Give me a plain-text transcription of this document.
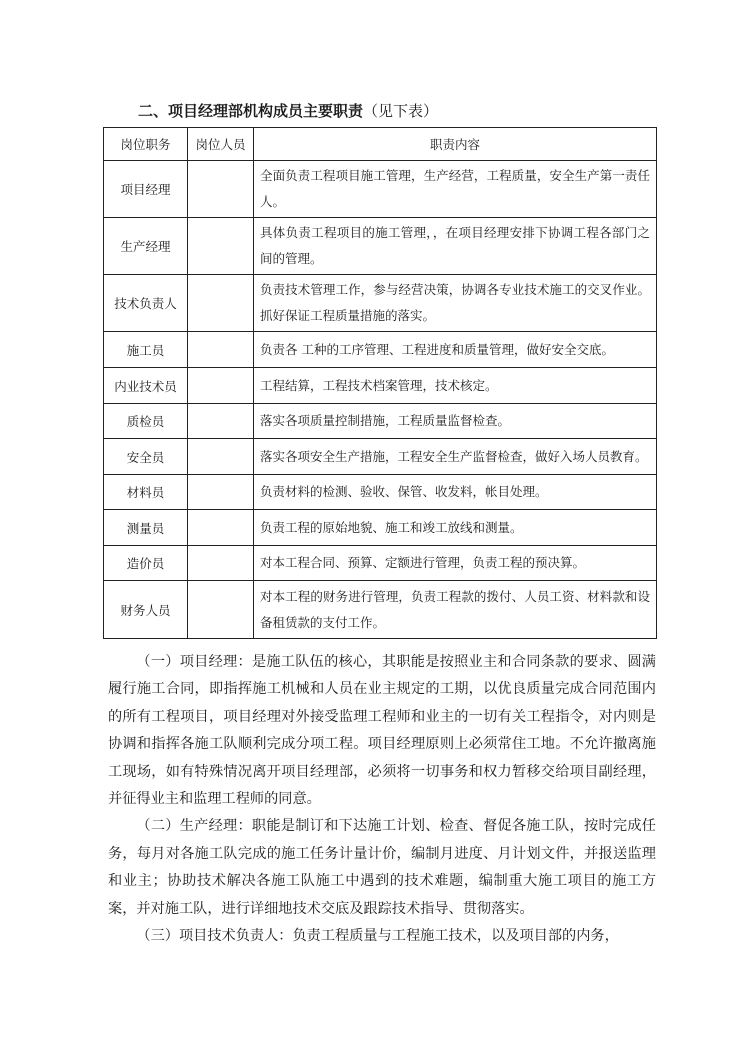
二、项目经理部机构成员主要职责（见下表）
岗位职务	岗位人员	职责内容
项目经理		全面负责工程项目施工管理，生产经营，工程质量，安全生产第一责任人。
生产经理		具体负责工程项目的施工管理，，在项目经理安排下协调工程各部门之间的管理。
技术负责人		负责技术管理工作，参与经营决策，协调各专业技术施工的交叉作业。抓好保证工程质量措施的落实。
施工员		负责各 工种的工序管理、工程进度和质量管理，做好安全交底。
内业技术员		工程结算，工程技术档案管理，技术核定。
质检员		落实各项质量控制措施，工程质量监督检查。
安全员		落实各项安全生产措施，工程安全生产监督检查，做好入场人员教育。
材料员		负责材料的检测、验收、保管、收发料，帐目处理。
测量员		负责工程的原始地貌、施工和竣工放线和测量。
造价员		对本工程合同、预算、定额进行管理，负责工程的预决算。
财务人员		对本工程的财务进行管理，负责工程款的拨付、人员工资、材料款和设备租赁款的支付工作。

（一）项目经理：是施工队伍的核心，其职能是按照业主和合同条款的要求、圆满履行施工合同，即指挥施工机械和人员在业主规定的工期，以优良质量完成合同范围内的所有工程项目，项目经理对外接受监理工程师和业主的一切有关工程指令，对内则是协调和指挥各施工队顺利完成分项工程。项目经理原则上必须常住工地。不允许撤离施工现场，如有特殊情况离开项目经理部，必须将一切事务和权力暂移交给项目副经理，并征得业主和监理工程师的同意。

（二）生产经理：职能是制订和下达施工计划、检查、督促各施工队，按时完成任务，每月对各施工队完成的施工任务计量计价，编制月进度、月计划文件，并报送监理和业主；协助技术解决各施工队施工中遇到的技术难题，编制重大施工项目的施工方案，并对施工队，进行详细地技术交底及跟踪技术指导、贯彻落实。

（三）项目技术负责人：负责工程质量与工程施工技术，以及项目部的内务，
